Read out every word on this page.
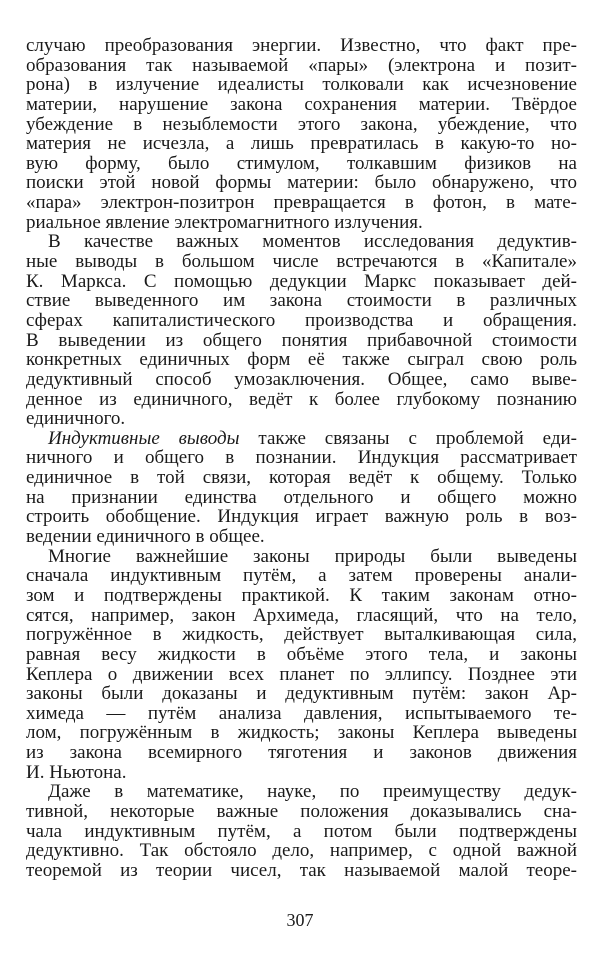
случаю преобразования энергии. Известно, что факт пре-
образования так называемой «пары» (электрона и позит-
рона) в излучение идеалисты толковали как исчезновение
материи, нарушение закона сохранения материи. Твёрдое
убеждение в незыблемости этого закона, убеждение, что
материя не исчезла, а лишь превратилась в какую-то но-
вую форму, было стимулом, толкавшим физиков на
поиски этой новой формы материи: было обнаружено, что
«пара» электрон-позитрон превращается в фотон, в мате-
риальное явление электромагнитного излучения.
В качестве важных моментов исследования дедуктив-
ные выводы в большом числе встречаются в «Капитале»
К. Маркса. С помощью дедукции Маркс показывает дей-
ствие выведенного им закона стоимости в различных
сферах капиталистического производства и обращения.
В выведении из общего понятия прибавочной стоимости
конкретных единичных форм её также сыграл свою роль
дедуктивный способ умозаключения. Общее, само выве-
денное из единичного, ведёт к более глубокому познанию
единичного.
Индуктивные выводы также связаны с проблемой еди-
ничного и общего в познании. Индукция рассматривает
единичное в той связи, которая ведёт к общему. Только
на признании единства отдельного и общего можно
строить обобщение. Индукция играет важную роль в воз-
ведении единичного в общее.
Многие важнейшие законы природы были выведены
сначала индуктивным путём, а затем проверены анали-
зом и подтверждены практикой. К таким законам отно-
сятся, например, закон Архимеда, гласящий, что на тело,
погружённое в жидкость, действует выталкивающая сила,
равная весу жидкости в объёме этого тела, и законы
Кеплера о движении всех планет по эллипсу. Позднее эти
законы были доказаны и дедуктивным путём: закон Ар-
химеда — путём анализа давления, испытываемого те-
лом, погружённым в жидкость; законы Кеплера выведены
из закона всемирного тяготения и законов движения
И. Ньютона.
Даже в математике, науке, по преимуществу дедук-
тивной, некоторые важные положения доказывались сна-
чала индуктивным путём, а потом были подтверждены
дедуктивно. Так обстояло дело, например, с одной важной
теоремой из теории чисел, так называемой малой теоре-
307
